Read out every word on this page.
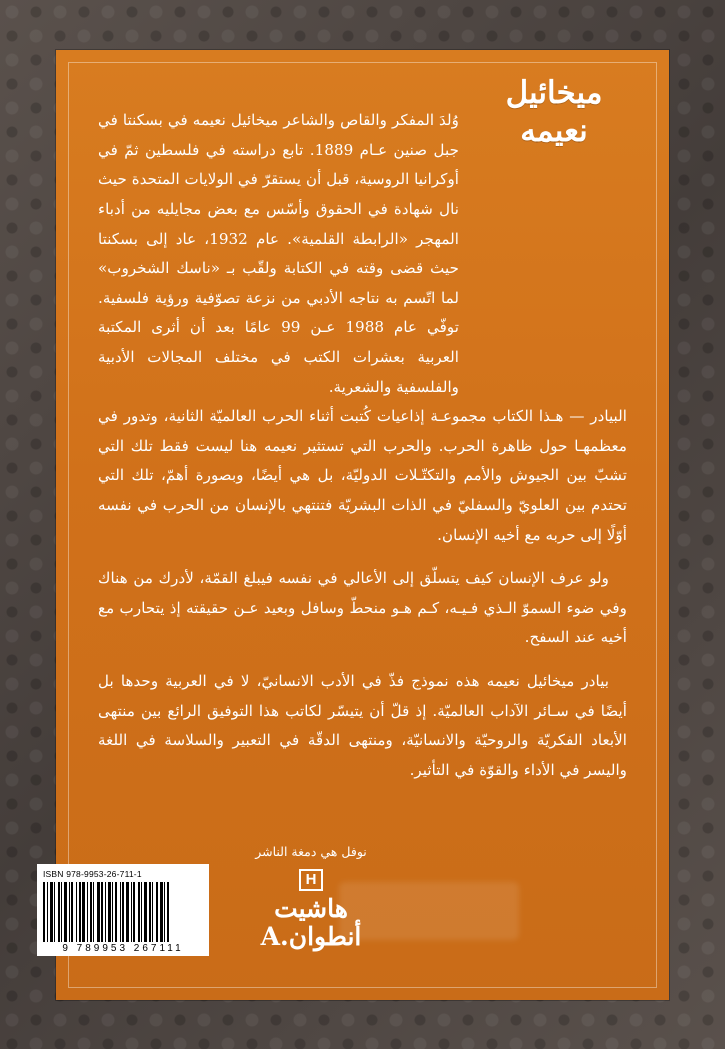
ميخائيل
نعيمه

وُلدَ المفكر والقاص والشاعر ميخائيل نعيمه في بسكنتا في جبل صنين عـام 1889. تابع دراسته في فلسطين ثمّ في أوكرانيا الروسية، قبل أن يستقرّ في الولايات المتحدة حيث نال شهادة في الحقوق وأسّس مع بعض مجايليه من أدباء المهجر «الرابطة القلمية». عام 1932، عاد إلى بسكنتا حيث قضى وقته في الكتابة ولقّب بـ «ناسك الشخروب» لما اتّسم به نتاجه الأدبي من نزعة تصوّفية ورؤية فلسفية. توفّي عام 1988 عـن 99 عامًا بعد أن أثرى المكتبة العربية بعشرات الكتب في مختلف المجالات الأدبية والفلسفية والشعرية.

البيادر — هـذا الكتاب مجموعـة إذاعيات كُتبت أثناء الحرب العالميّة الثانية، وتدور في معظمهـا حول ظاهرة الحرب. والحرب التي تستثير نعيمه هنا ليست فقط تلك التي تشبّ بين الجيوش والأمم والتكتّـلات الدوليّة، بل هي أيضًا، وبصورة أهمّ، تلك التي تحتدم بين العلويّ والسفليّ في الذات البشريّة فتنتهي بالإنسان من الحرب في نفسه أوّلًا إلى حربه مع أخيه الإنسان.

ولو عرف الإنسان كيف يتسلّق إلى الأعالي في نفسه فيبلغ القمّة، لأدرك من هناك وفي ضوء السموّ الـذي فـيـه، كـم هـو منحطّ وسافل وبعيد عـن حقيقته إذ يتحارب مع أخيه عند السفح.

بيادر ميخائيل نعيمه هذه نموذج فذّ في الأدب الانسانيّ، لا في العربية وحدها بل أيضًا في سـائر الآداب العالميّة. إذ قلّ أن يتيسّر لكاتب هذا التوفيق الرائع بين منتهى الأبعاد الفكريّة والروحيّة والانسانيّة، ومنتهى الدقّة في التعبير والسلاسة في اللغة واليسر في الأداء والقوّة في التأثير.

ISBN 978-9953-26-711-1
9 789953 267111
نوفل هي دمغة الناشر
H
هاشيت
أنطوان.A
